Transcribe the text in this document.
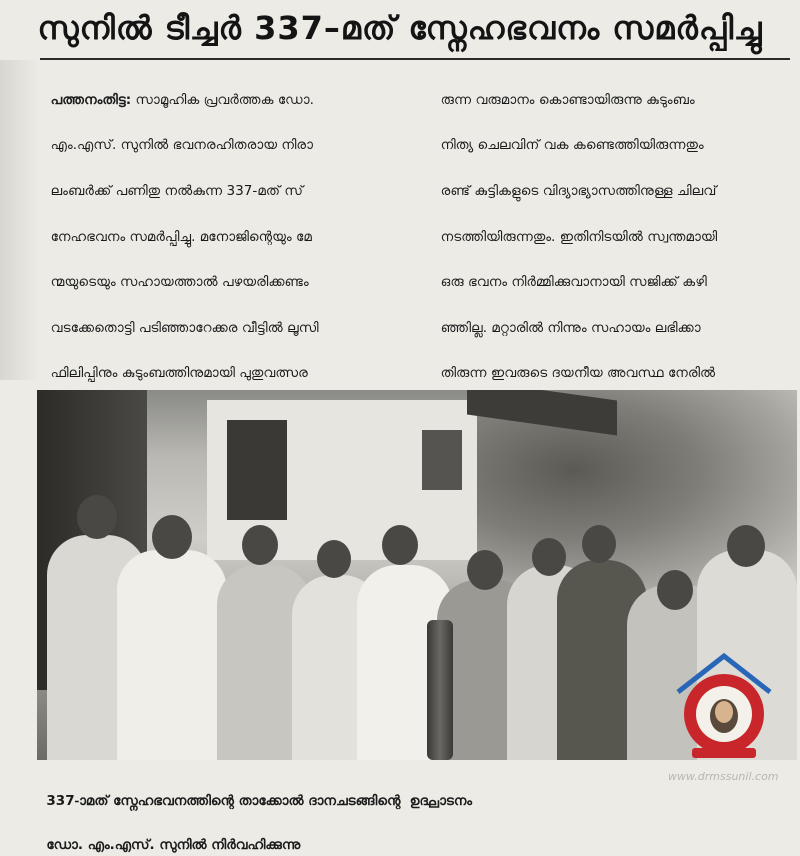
സുനിൽ ടീച്ചർ 337–മത് സ്നേഹഭവനം സമർപ്പിച്ചു

പത്തനംതിട്ട: സാമൂഹിക പ്രവർത്തക ഡോ.

എം.എസ്. സുനിൽ ഭവനരഹിതരായ നിരാ

ലംബർക്ക് പണിതു നൽകുന്ന 337-മത് സ്

നേഹഭവനം സമർപ്പിച്ചു. മനോജിന്റെയും മേ

ന്മയുടെയും സഹായത്താൽ പഴയരിക്കണ്ടം

വടക്കേതൊട്ടി പടിഞ്ഞാറേക്കര വീട്ടിൽ ലൂസി

ഫിലിപ്പിനും കുടുംബത്തിനുമായി പുതുവത്സര

രുന്ന വരുമാനം കൊണ്ടായിരുന്നു കുടുംബം

നിത്യ ചെലവിന് വക കണ്ടെത്തിയിരുന്നതും

രണ്ട് കുട്ടികളുടെ വിദ്യാഭ്യാസത്തിനുള്ള ചിലവ്

നടത്തിയിരുന്നതും. ഇതിനിടയിൽ സ്വന്തമായി

ഒരു ഭവനം നിർമ്മിക്കുവാനായി സജിക്ക് കഴി

ഞ്ഞില്ല. മറ്റാരിൽ നിന്നും സഹായം ലഭിക്കാ

തിരുന്ന ഇവരുടെ ദയനീയ അവസ്ഥ നേരിൽ

337-ാമത് സ്നേഹഭവനത്തിന്റെ താക്കോൽ ദാനചടങ്ങിന്റെ  ഉദ്ഘാടനം

ഡോ. എം.എസ്. സുനിൽ നിർവഹിക്കുന്നു

www.drmssunil.com
